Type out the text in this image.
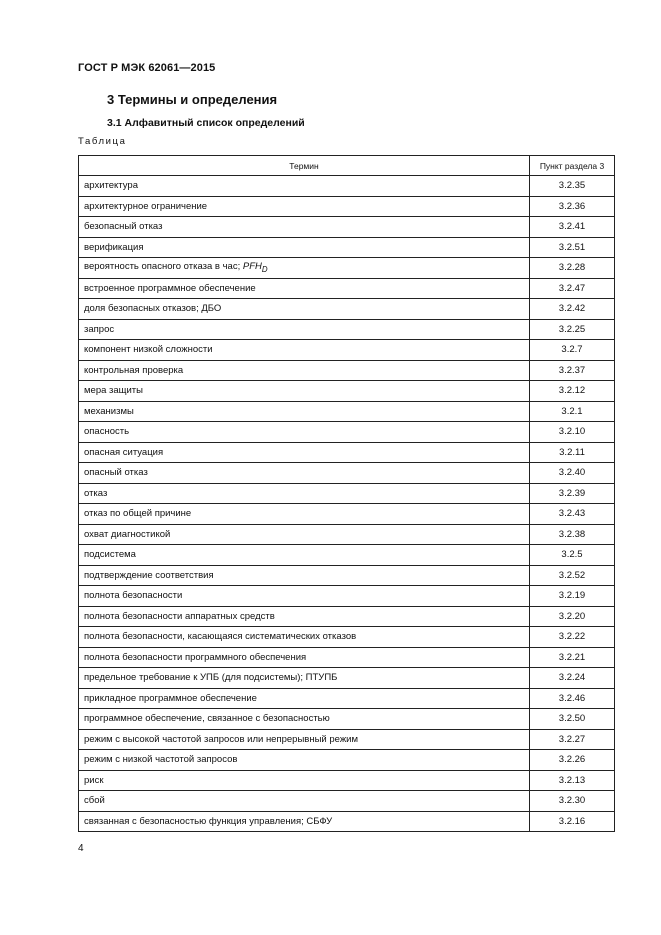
ГОСТ Р МЭК 62061—2015
3 Термины и определения
3.1 Алфавитный список определений
Таблица
Термин	Пункт раздела 3
архитектура	3.2.35
архитектурное ограничение	3.2.36
безопасный отказ	3.2.41
верификация	3.2.51
вероятность опасного отказа в час; $PFH_D$	3.2.28
встроенное программное обеспечение	3.2.47
доля безопасных отказов; ДБО	3.2.42
запрос	3.2.25
компонент низкой сложности	3.2.7
контрольная проверка	3.2.37
мера защиты	3.2.12
механизмы	3.2.1
опасность	3.2.10
опасная ситуация	3.2.11
опасный отказ	3.2.40
отказ	3.2.39
отказ по общей причине	3.2.43
охват диагностикой	3.2.38
подсистема	3.2.5
подтверждение соответствия	3.2.52
полнота безопасности	3.2.19
полнота безопасности аппаратных средств	3.2.20
полнота безопасности, касающаяся систематических отказов	3.2.22
полнота безопасности программного обеспечения	3.2.21
предельное требование к УПБ (для подсистемы); ПТУПБ	3.2.24
прикладное программное обеспечение	3.2.46
программное обеспечение, связанное с безопасностью	3.2.50
режим с высокой частотой запросов или непрерывный режим	3.2.27
режим с низкой частотой запросов	3.2.26
риск	3.2.13
сбой	3.2.30
связанная с безопасностью функция управления; СБФУ	3.2.16
4
